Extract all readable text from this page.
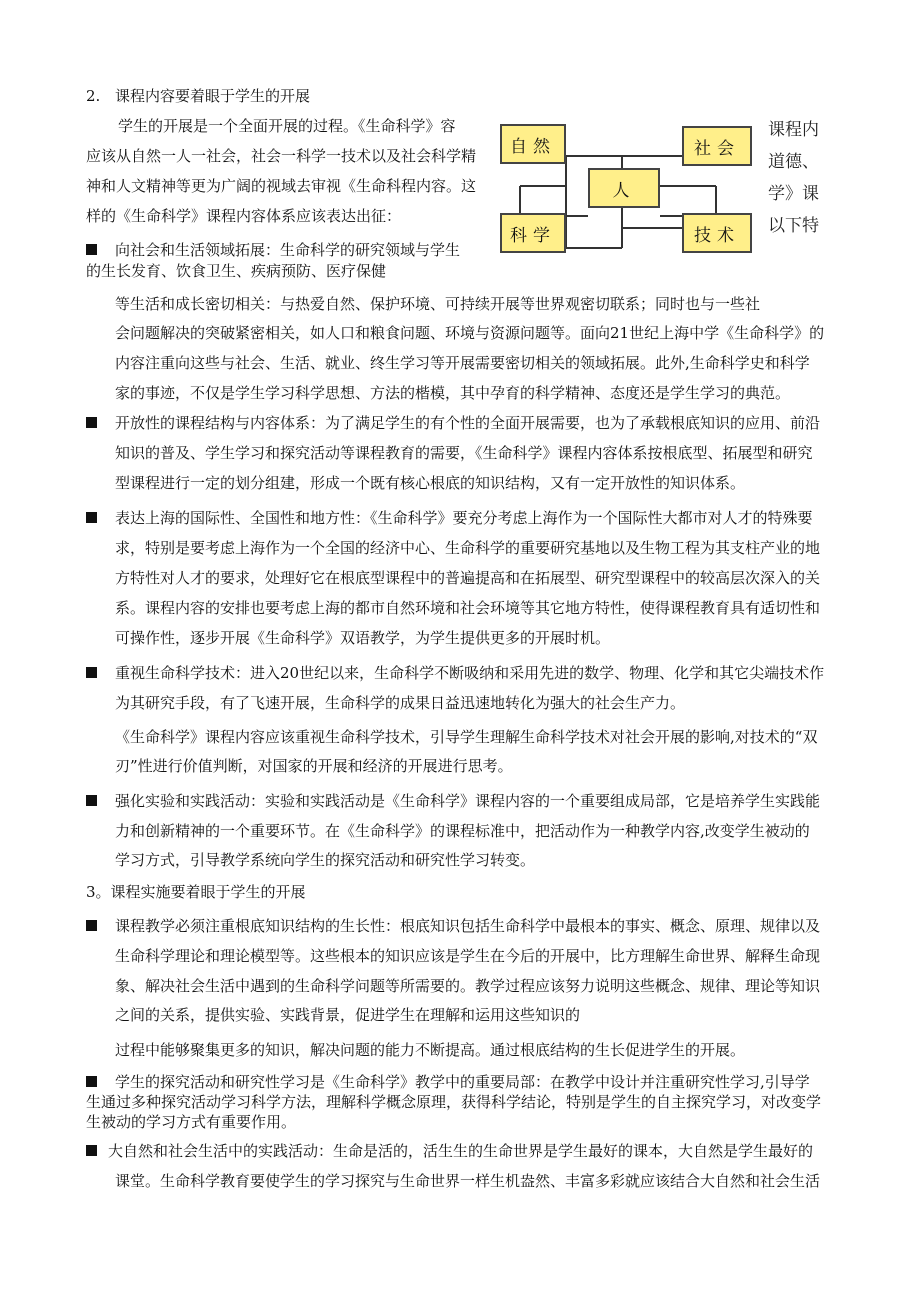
2. 课程内容要着眼于学生的开展
学生的开展是一个全面开展的过程。《生命科学》容
应该从自然一人一社会，社会一科学一技术以及社会科学精
神和人文精神等更为广阔的视域去审视《生命科程内容。这
样的《生命科学》课程内容体系应该表达出征：
自然	社会
人
科学	技术
课程内
道德、
学》课
以下特
向社会和生活领域拓展：生命科学的研究领域与学生
的生长发育、饮食卫生、疾病预防、医疗保健
等生活和成长密切相关：与热爱自然、保护环境、可持续开展等世界观密切联系；同时也与一些社
会问题解决的突破紧密相关，如人口和粮食问题、环境与资源问题等。面向21世纪上海中学《生命科学》的
内容注重向这些与社会、生活、就业、终生学习等开展需要密切相关的领域拓展。此外,生命科学史和科学
家的事迹，不仅是学生学习科学思想、方法的楷模，其中孕育的科学精神、态度还是学生学习的典范。
开放性的课程结构与内容体系：为了满足学生的有个性的全面开展需要，也为了承载根底知识的应用、前沿
知识的普及、学生学习和探究活动等课程教育的需要，《生命科学》课程内容体系按根底型、拓展型和研究
型课程进行一定的划分组建，形成一个既有核心根底的知识结构，又有一定开放性的知识体系。
表达上海的国际性、全国性和地方性：《生命科学》要充分考虑上海作为一个国际性大都市对人才的特殊要
求，特别是要考虑上海作为一个全国的经济中心、生命科学的重要研究基地以及生物工程为其支柱产业的地
方特性对人才的要求，处理好它在根底型课程中的普遍提高和在拓展型、研究型课程中的较高层次深入的关
系。课程内容的安排也要考虑上海的都市自然环境和社会环境等其它地方特性，使得课程教育具有适切性和
可操作性，逐步开展《生命科学》双语教学，为学生提供更多的开展时机。
重视生命科学技术：进入20世纪以来，生命科学不断吸纳和采用先进的数学、物理、化学和其它尖端技术作
为其研究手段，有了飞速开展，生命科学的成果日益迅速地转化为强大的社会生产力。
《生命科学》课程内容应该重视生命科学技术，引导学生理解生命科学技术对社会开展的影响,对技术的“双
刃”性进行价值判断，对国家的开展和经济的开展进行思考。
强化实验和实践活动：实验和实践活动是《生命科学》课程内容的一个重要组成局部，它是培养学生实践能
力和创新精神的一个重要环节。在《生命科学》的课程标准中，把活动作为一种教学内容,改变学生被动的
学习方式，引导教学系统向学生的探究活动和研究性学习转变。
3。课程实施要着眼于学生的开展
课程教学必须注重根底知识结构的生长性：根底知识包括生命科学中最根本的事实、概念、原理、规律以及
生命科学理论和理论模型等。这些根本的知识应该是学生在今后的开展中，比方理解生命世界、解释生命现
象、解决社会生活中遇到的生命科学问题等所需要的。教学过程应该努力说明这些概念、规律、理论等知识
之间的关系，提供实验、实践背景，促进学生在理解和运用这些知识的
过程中能够聚集更多的知识，解决问题的能力不断提高。通过根底结构的生长促进学生的开展。
学生的探究活动和研究性学习是《生命科学》教学中的重要局部：在教学中设计并注重研究性学习,引导学
生通过多种探究活动学习科学方法，理解科学概念原理，获得科学结论，特别是学生的自主探究学习，对改变学
生被动的学习方式有重要作用。
大自然和社会生活中的实践活动：生命是活的，活生生的生命世界是学生最好的课本，大自然是学生最好的
课堂。生命科学教育要使学生的学习探究与生命世界一样生机盎然、丰富多彩就应该结合大自然和社会生活
